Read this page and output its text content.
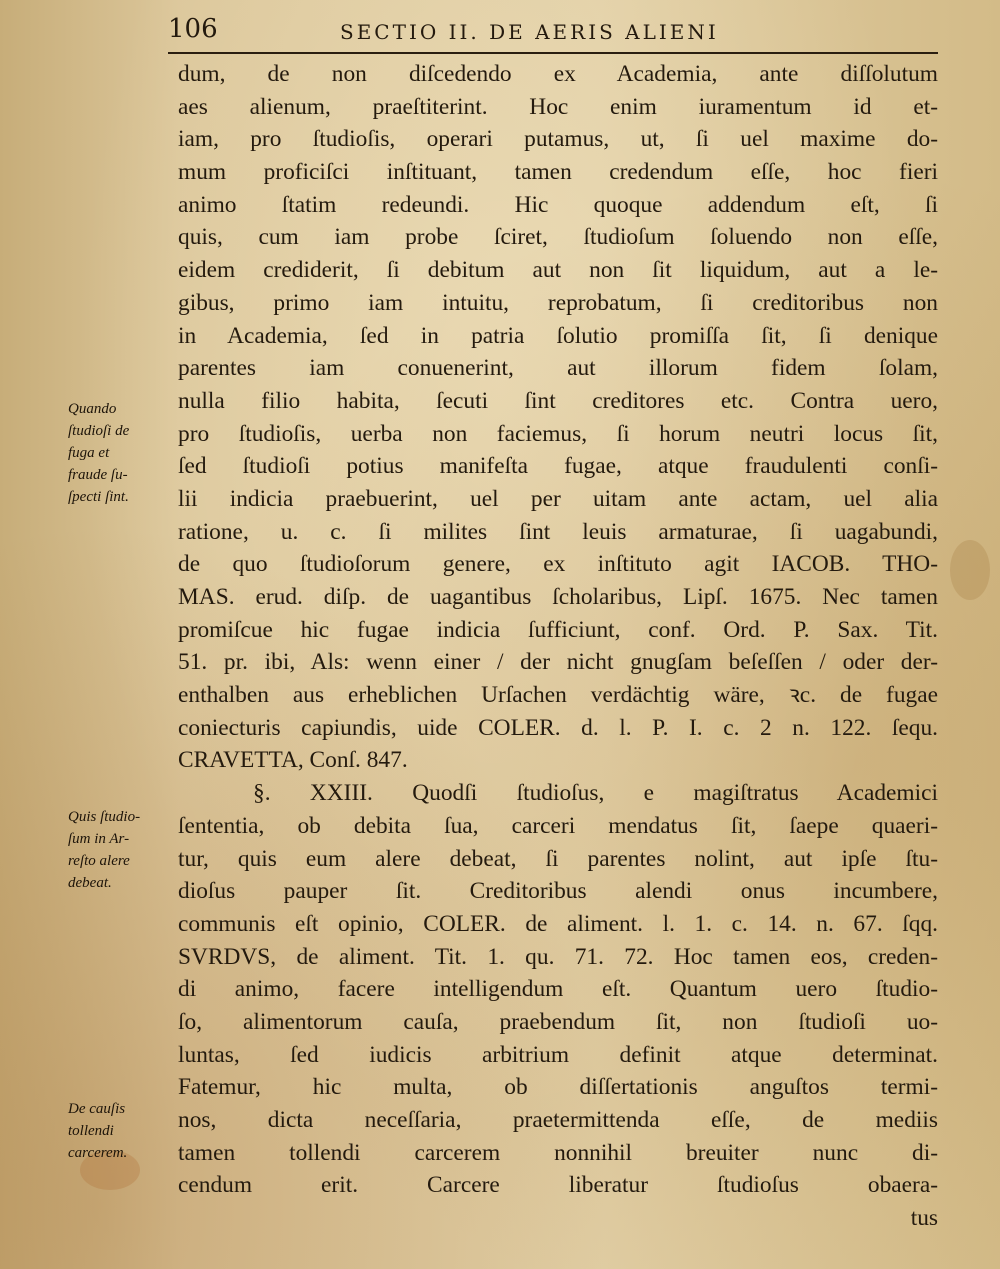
106	SECTIO II. DE AERIS ALIENI
Quando
ſtudioſi de
fuga et
fraude ſu-
ſpecti ſint.
Quis ſtudio-
ſum in Ar-
reſto alere
debeat.
De cauſis
tollendi
carcerem.
dum, de non diſcedendo ex Academia, ante diſſolutum
aes alienum, praeſtiterint. Hoc enim iuramentum id et-
iam, pro ſtudioſis, operari putamus, ut, ſi uel maxime do-
mum proficiſci inſtituant, tamen credendum eſſe, hoc fieri
animo ſtatim redeundi. Hic quoque addendum eſt, ſi
quis, cum iam probe ſciret, ſtudioſum ſoluendo non eſſe,
eidem crediderit, ſi debitum aut non ſit liquidum, aut a le-
gibus, primo iam intuitu, reprobatum, ſi creditoribus non
in Academia, ſed in patria ſolutio promiſſa ſit, ſi denique
parentes iam conuenerint, aut illorum fidem ſolam,
nulla filio habita, ſecuti ſint creditores etc. Contra uero,
pro ſtudioſis, uerba non faciemus, ſi horum neutri locus ſit,
ſed ſtudioſi potius manifeſta fugae, atque fraudulenti conſi-
lii indicia praebuerint, uel per uitam ante actam, uel alia
ratione, u. c. ſi milites ſint leuis armaturae, ſi uagabundi,
de quo ſtudioſorum genere, ex inſtituto agit IACOB. THO-
MAS. erud. diſp. de uagantibus ſcholaribus, Lipſ. 1675. Nec tamen
promiſcue hic fugae indicia ſufficiunt, conf. Ord. P. Sax. Tit.
51. pr. ibi, Als: wenn einer / der nicht gnugſam beſeſſen / oder der-
enthalben aus erheblichen Urſachen verdächtig wäre, ꝛc. de fugae
coniecturis capiundis, uide COLER. d. l. P. I. c. 2 n. 122. ſequ.
CRAVETTA, Conſ. 847.
§. XXIII. Quodſi ſtudioſus, e magiſtratus Academici
ſententia, ob debita ſua, carceri mendatus ſit, ſaepe quaeri-
tur, quis eum alere debeat, ſi parentes nolint, aut ipſe ſtu-
dioſus pauper ſit. Creditoribus alendi onus incumbere,
communis eſt opinio, COLER. de aliment. l. 1. c. 14. n. 67. ſqq.
SVRDVS, de aliment. Tit. 1. qu. 71. 72. Hoc tamen eos, creden-
di animo, facere intelligendum eſt. Quantum uero ſtudio-
ſo, alimentorum cauſa, praebendum ſit, non ſtudioſi uo-
luntas, ſed iudicis arbitrium definit atque determinat.
Fatemur, hic multa, ob diſſertationis anguſtos termi-
nos, dicta neceſſaria, praetermittenda eſſe, de mediis
tamen tollendi carcerem nonnihil breuiter nunc di-
cendum erit. Carcere liberatur ſtudioſus obaera-
tus
